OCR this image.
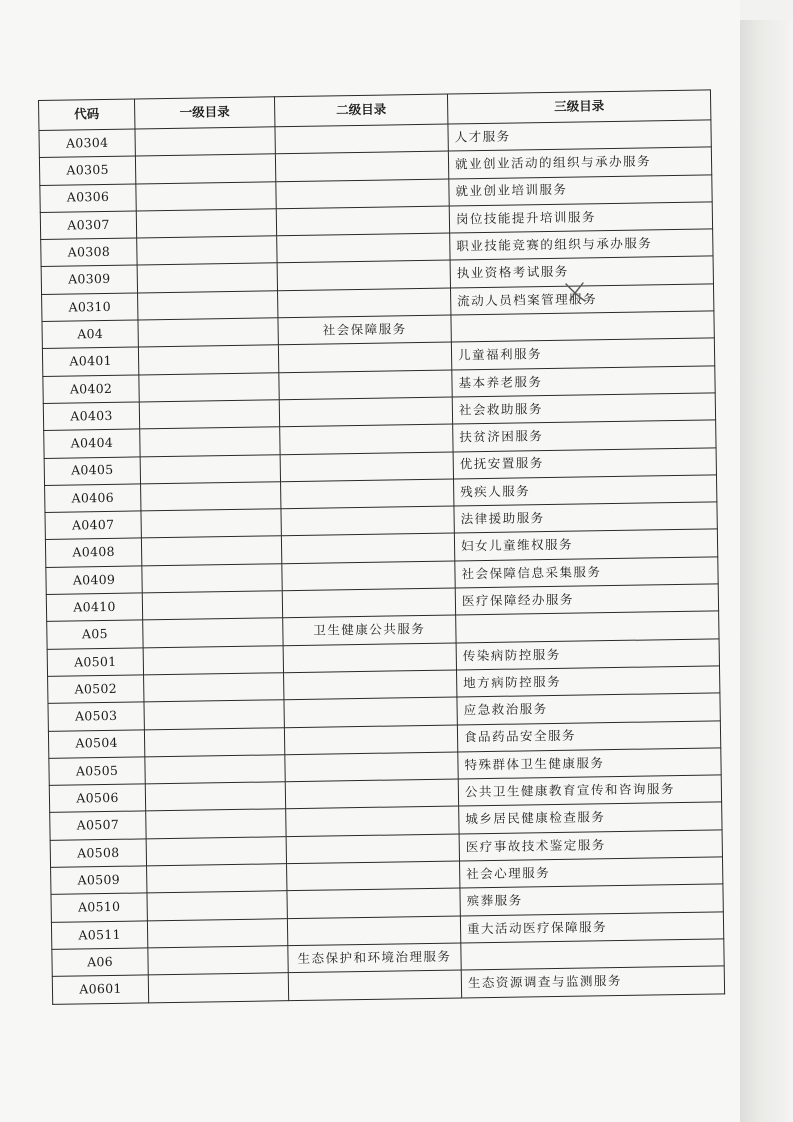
代码	一级目录	二级目录	三级目录
A0304			人才服务
A0305			就业创业活动的组织与承办服务
A0306			就业创业培训服务
A0307			岗位技能提升培训服务
A0308			职业技能竞赛的组织与承办服务
A0309			执业资格考试服务
A0310			流动人员档案管理服务
A04		社会保障服务	
A0401			儿童福利服务
A0402			基本养老服务
A0403			社会救助服务
A0404			扶贫济困服务
A0405			优抚安置服务
A0406			残疾人服务
A0407			法律援助服务
A0408			妇女儿童维权服务
A0409			社会保障信息采集服务
A0410			医疗保障经办服务
A05		卫生健康公共服务	
A0501			传染病防控服务
A0502			地方病防控服务
A0503			应急救治服务
A0504			食品药品安全服务
A0505			特殊群体卫生健康服务
A0506			公共卫生健康教育宣传和咨询服务
A0507			城乡居民健康检查服务
A0508			医疗事故技术鉴定服务
A0509			社会心理服务
A0510			殡葬服务
A0511			重大活动医疗保障服务
A06		生态保护和环境治理服务	
A0601			生态资源调查与监测服务
